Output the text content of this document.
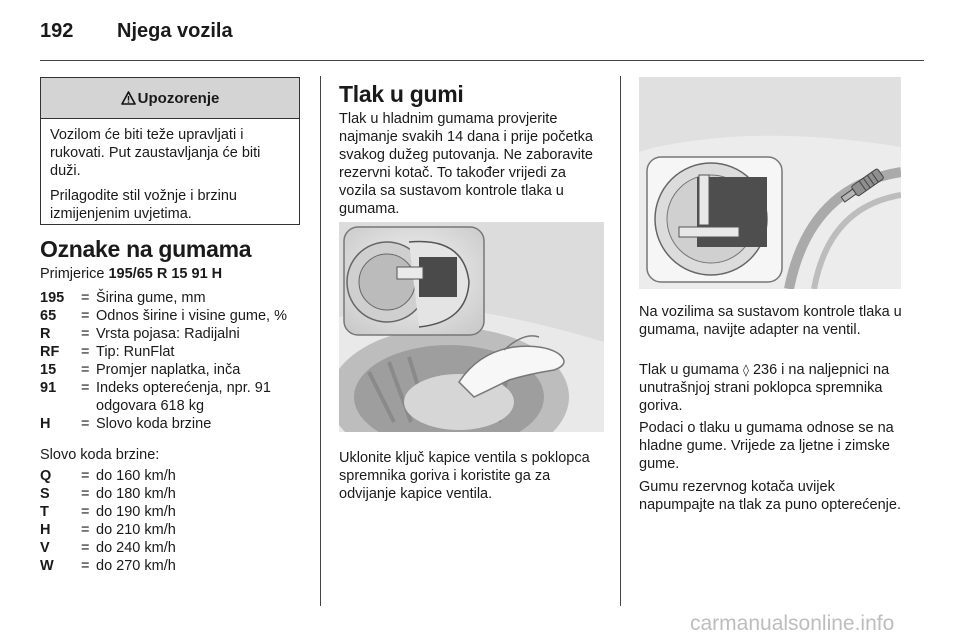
192 Njega vozila
Upozorenje

Vozilom će biti teže upravljati i rukovati. Put zaustavljanja će biti duži.

Prilagodite stil vožnje i brzinu izmijenjenim uvjetima.

Oznake na gumama
Primjerice 195/65 R 15 91 H
195	= Širina gume, mm
65	= Odnos širine i visine gume, %
R	= Vrsta pojasa: Radijalni
RF	= Tip: RunFlat
15	= Promjer naplatka, inča
91	= Indeks opterećenja, npr. 91 odgovara 618 kg
H	= Slovo koda brzine
Slovo koda brzine:
Q	= do 160 km/h
S	= do 180 km/h
T	= do 190 km/h
H	= do 210 km/h
V	= do 240 km/h
W	= do 270 km/h
Tlak u gumi
Tlak u hladnim gumama provjerite najmanje svakih 14 dana i prije početka svakog dužeg putovanja. Ne zaboravite rezervni kotač. To također vrijedi za vozila sa sustavom kontrole tlaka u gumama.
Uklonite ključ kapice ventila s poklopca spremnika goriva i koristite ga za odvijanje kapice ventila.
Na vozilima sa sustavom kontrole tlaka u gumama, navijte adapter na ventil.
Tlak u gumama ◊ 236 i na naljepnici na unutrašnjoj strani poklopca spremnika goriva.
Podaci o tlaku u gumama odnose se na hladne gume. Vrijede za ljetne i zimske gume.
Gumu rezervnog kotača uvijek napumpajte na tlak za puno opterećenje.
carmanualsonline.info
